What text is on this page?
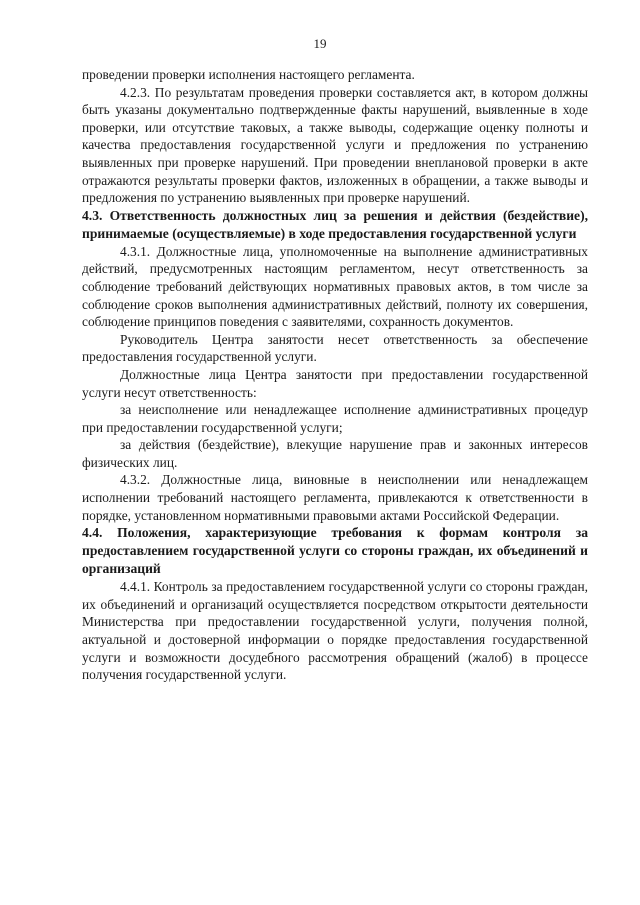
19

проведении проверки исполнения настоящего регламента.

4.2.3. По результатам проведения проверки составляется акт, в котором должны быть указаны документально подтвержденные факты нарушений, выявленные в ходе проверки, или отсутствие таковых, а также выводы, содержащие оценку полноты и качества предоставления государственной услуги и предложения по устранению выявленных при проверке нарушений. При проведении внеплановой проверки в акте отражаются результаты проверки фактов, изложенных в обращении, а также выводы и предложения по устранению выявленных при проверке нарушений.

4.3. Ответственность должностных лиц за решения и действия (бездействие), принимаемые (осуществляемые) в ходе предоставления государственной услуги

4.3.1. Должностные лица, уполномоченные на выполнение административных действий, предусмотренных настоящим регламентом, несут ответственность за соблюдение требований действующих нормативных правовых актов, в том числе за соблюдение сроков выполнения административных действий, полноту их совершения, соблюдение принципов поведения с заявителями, сохранность документов.

Руководитель Центра занятости несет ответственность за обеспечение предоставления государственной услуги.

Должностные лица Центра занятости при предоставлении государственной услуги несут ответственность:

за неисполнение или ненадлежащее исполнение административных процедур при предоставлении государственной услуги;

за действия (бездействие), влекущие нарушение прав и законных интересов физических лиц.

4.3.2. Должностные лица, виновные в неисполнении или ненадлежащем исполнении требований настоящего регламента, привлекаются к ответственности в порядке, установленном нормативными правовыми актами Российской Федерации.

4.4. Положения, характеризующие требования к формам контроля за предоставлением государственной услуги со стороны граждан, их объединений и организаций

4.4.1. Контроль за предоставлением государственной услуги со стороны граждан, их объединений и организаций осуществляется посредством открытости деятельности Министерства при предоставлении государственной услуги, получения полной, актуальной и достоверной информации о порядке предоставления государственной услуги и возможности досудебного рассмотрения обращений (жалоб) в процессе получения государственной услуги.
